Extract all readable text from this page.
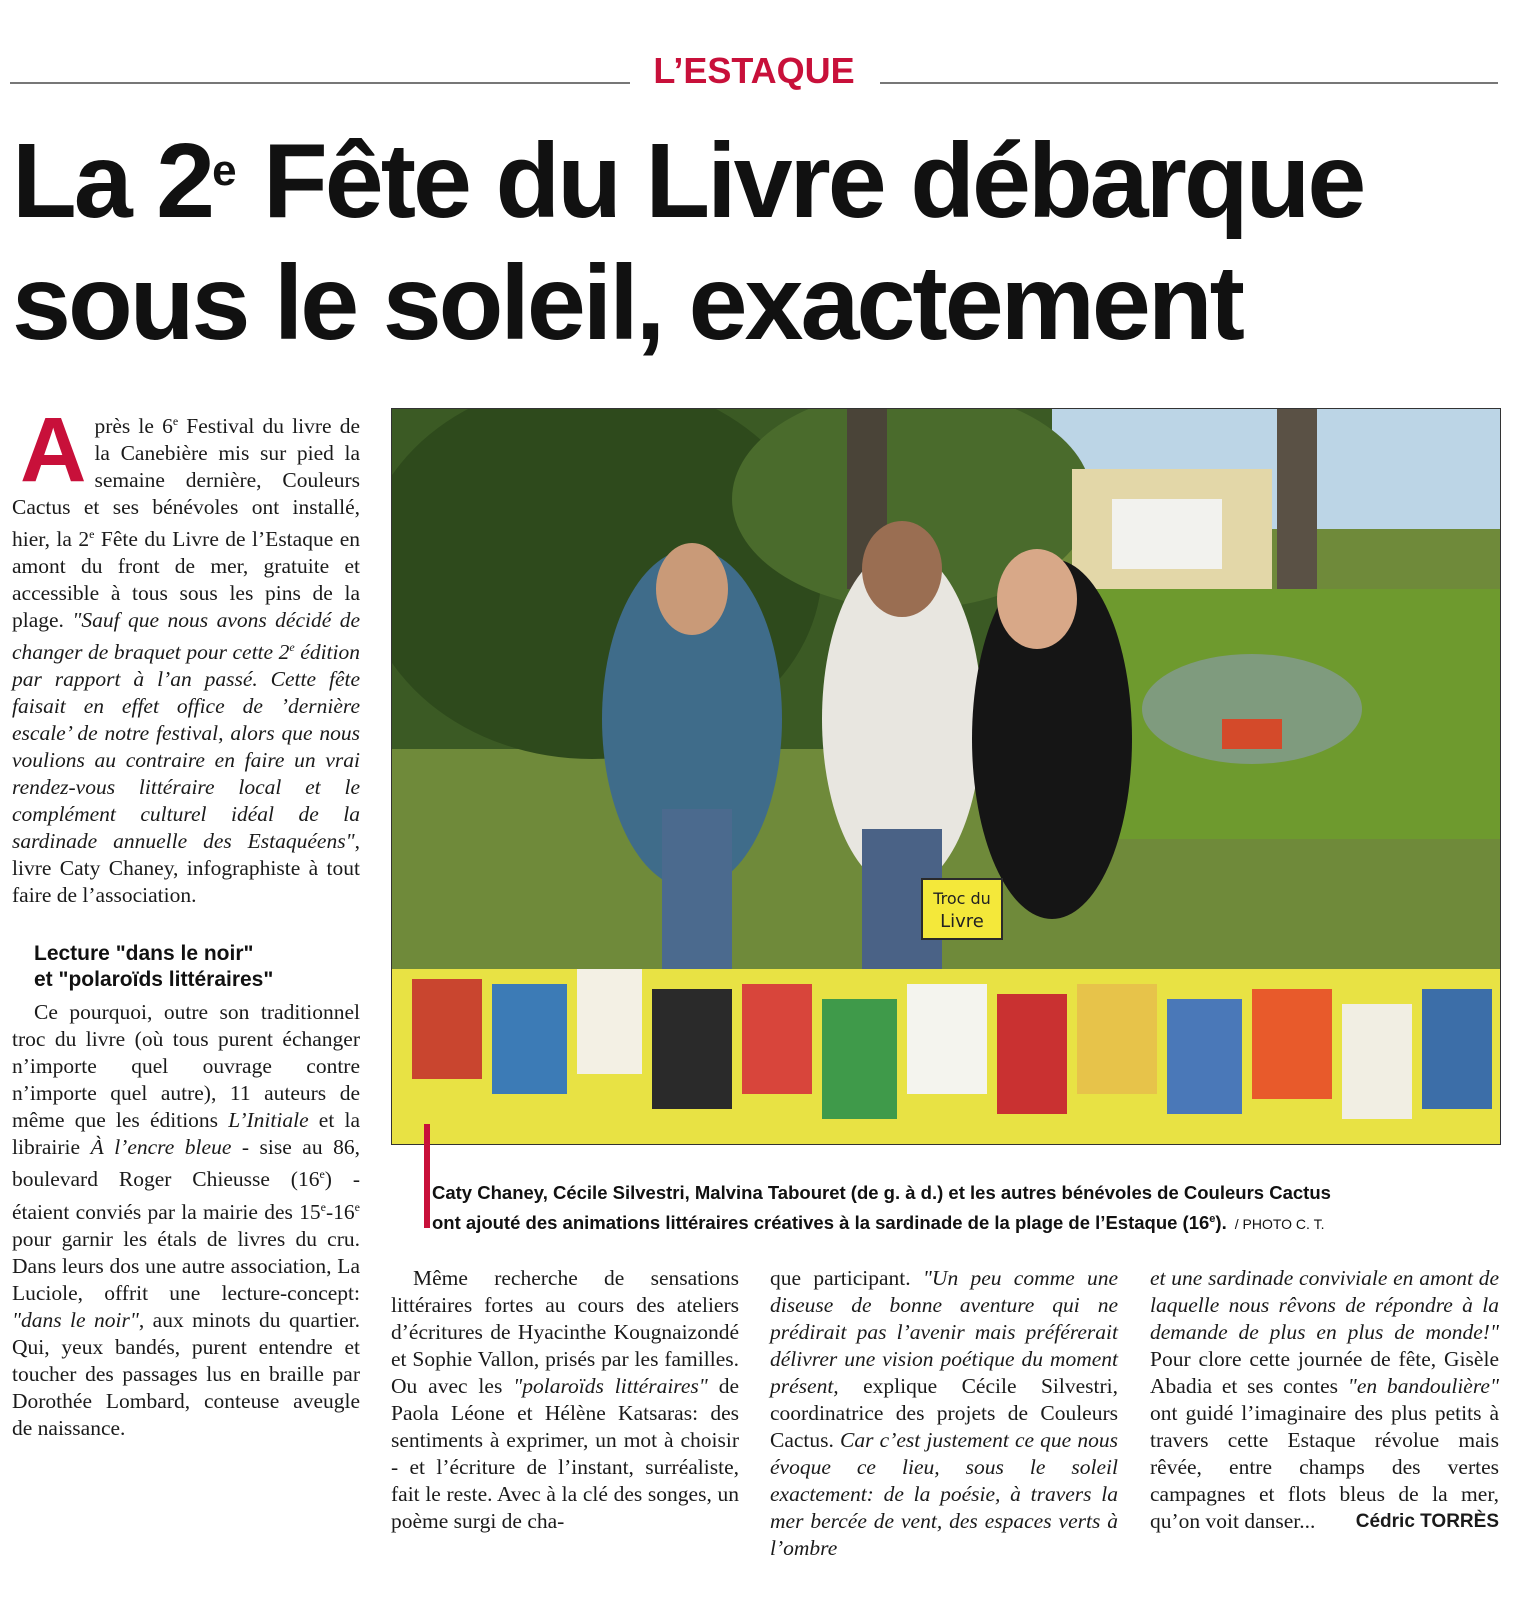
L’ESTAQUE
La 2e Fête du Livre débarque
sous le soleil, exactement
A près le 6e Festival du livre de la Canebière mis sur pied la semaine dernière, Couleurs Cactus et ses bénévoles ont installé, hier, la 2e Fête du Livre de l’Estaque en amont du front de mer, gratuite et accessible à tous sous les pins de la plage. "Sauf que nous avons décidé de changer de braquet pour cette 2e édition par rapport à l’an passé. Cette fête faisait en effet office de ’dernière escale’ de notre festival, alors que nous voulions au contraire en faire un vrai rendez-vous littéraire local et le complément culturel idéal de la sardinade annuelle des Estaquéens", livre Caty Chaney, infographiste à tout faire de l’association.

Lecture "dans le noir"
et "polaroïds littéraires"

Ce pourquoi, outre son traditionnel troc du livre (où tous purent échanger n’importe quel ouvrage contre n’importe quel autre), 11 auteurs de même que les éditions L’Initiale et la librairie À l’encre bleue - sise au 86, boulevard Roger Chieusse (16e) - étaient conviés par la mairie des 15e-16e pour garnir les étals de livres du cru. Dans leurs dos une autre association, La Luciole, offrit une lecture-concept: "dans le noir", aux minots du quartier. Qui, yeux bandés, purent entendre et toucher des passages lus en braille par Dorothée Lombard, conteuse aveugle de naissance.

Troc du
Livre
Caty Chaney, Cécile Silvestri, Malvina Tabouret (de g. à d.) et les autres bénévoles de Couleurs Cactus
ont ajouté des animations littéraires créatives à la sardinade de la plage de l’Estaque (16e). / PHOTO C. T.

Même recherche de sensations littéraires fortes au cours des ateliers d’écritures de Hyacinthe Kougnaizondé et Sophie Vallon, prisés par les familles. Ou avec les "polaroïds littéraires" de Paola Léone et Hélène Katsaras: des sentiments à exprimer, un mot à choisir - et l’écriture de l’instant, surréaliste, fait le reste. Avec à la clé des songes, un poème surgi de cha-

que participant. "Un peu comme une diseuse de bonne aventure qui ne prédirait pas l’avenir mais préférerait délivrer une vision poétique du moment présent, explique Cécile Silvestri, coordinatrice des projets de Couleurs Cactus. Car c’est justement ce que nous évoque ce lieu, sous le soleil exactement: de la poésie, à travers la mer bercée de vent, des espaces verts à l’ombre

et une sardinade conviviale en amont de laquelle nous rêvons de répondre à la demande de plus en plus de monde!" Pour clore cette journée de fête, Gisèle Abadia et ses contes "en bandoulière" ont guidé l’imaginaire des plus petits à travers cette Estaque révolue mais rêvée, entre champs des vertes campagnes et flots bleus de la mer, qu’on voit danser... Cédric TORRÈS
